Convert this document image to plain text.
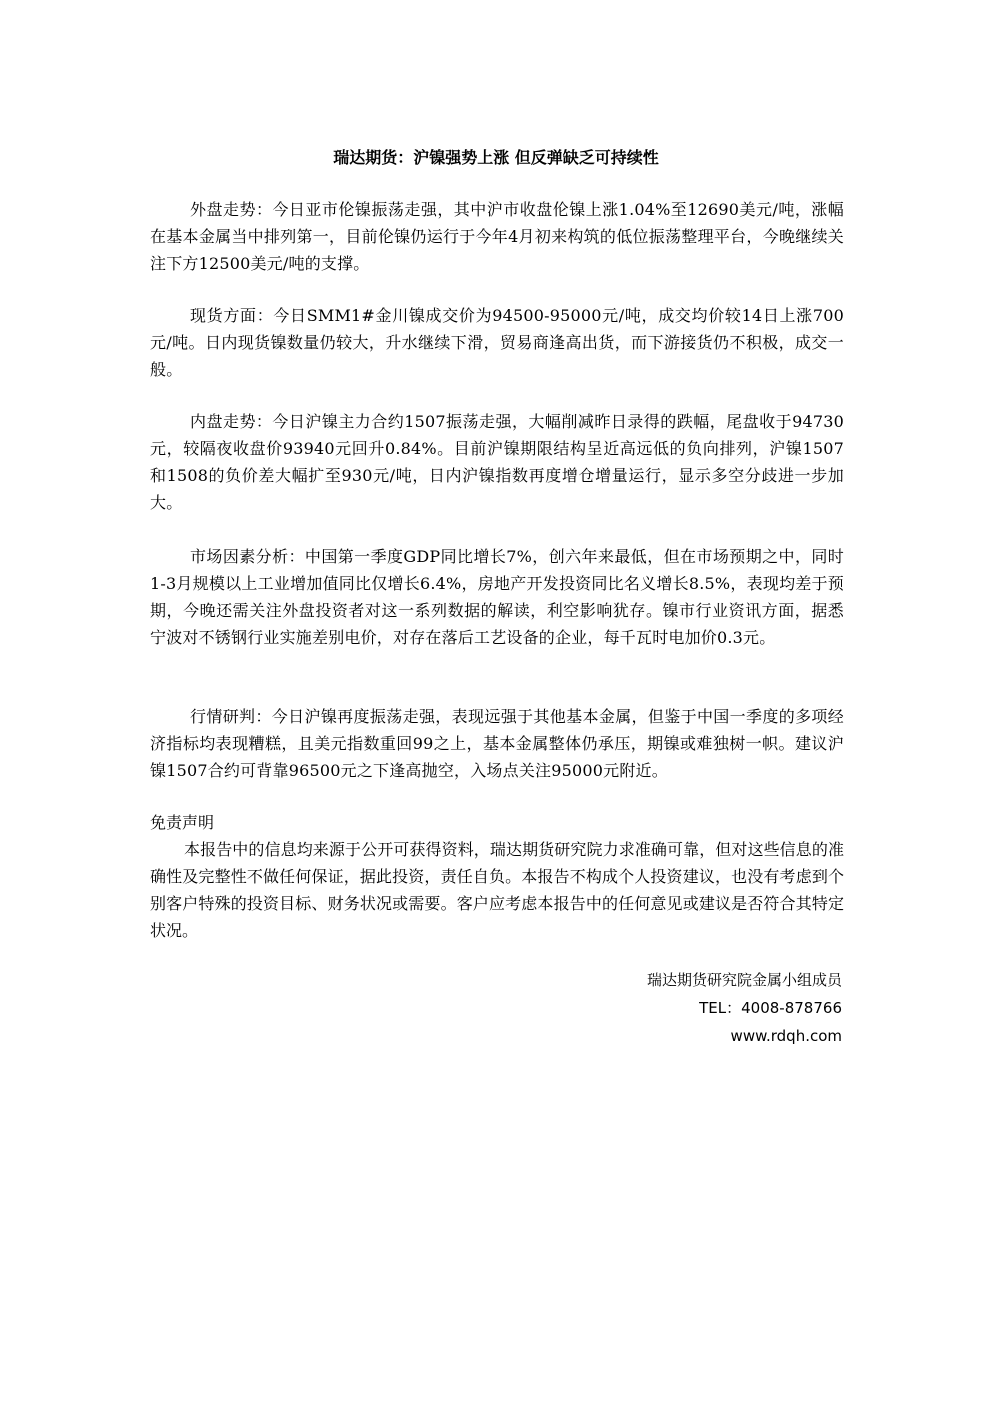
瑞达期货：沪镍强势上涨 但反弹缺乏可持续性

外盘走势：今日亚市伦镍振荡走强，其中沪市收盘伦镍上涨1.04%至12690美元/吨，涨幅在基本金属当中排列第一，目前伦镍仍运行于今年4月初来构筑的低位振荡整理平台，今晚继续关注下方12500美元/吨的支撑。

现货方面：今日SMM1#金川镍成交价为94500-95000元/吨，成交均价较14日上涨700元/吨。日内现货镍数量仍较大，升水继续下滑，贸易商逢高出货，而下游接货仍不积极，成交一般。

内盘走势：今日沪镍主力合约1507振荡走强，大幅削减昨日录得的跌幅，尾盘收于94730元，较隔夜收盘价93940元回升0.84%。目前沪镍期限结构呈近高远低的负向排列，沪镍1507和1508的负价差大幅扩至930元/吨，日内沪镍指数再度增仓增量运行，显示多空分歧进一步加大。

市场因素分析：中国第一季度GDP同比增长7%，创六年来最低，但在市场预期之中，同时1-3月规模以上工业增加值同比仅增长6.4%，房地产开发投资同比名义增长8.5%，表现均差于预期，今晚还需关注外盘投资者对这一系列数据的解读，利空影响犹存。镍市行业资讯方面，据悉宁波对不锈钢行业实施差别电价，对存在落后工艺设备的企业，每千瓦时电加价0.3元。

行情研判：今日沪镍再度振荡走强，表现远强于其他基本金属，但鉴于中国一季度的多项经济指标均表现糟糕，且美元指数重回99之上，基本金属整体仍承压，期镍或难独树一帜。建议沪镍1507合约可背靠96500元之下逢高抛空，入场点关注95000元附近。

免责声明

本报告中的信息均来源于公开可获得资料，瑞达期货研究院力求准确可靠，但对这些信息的准确性及完整性不做任何保证，据此投资，责任自负。本报告不构成个人投资建议，也没有考虑到个别客户特殊的投资目标、财务状况或需要。客户应考虑本报告中的任何意见或建议是否符合其特定状况。

瑞达期货研究院金属小组成员
TEL：4008-878766
www.rdqh.com
